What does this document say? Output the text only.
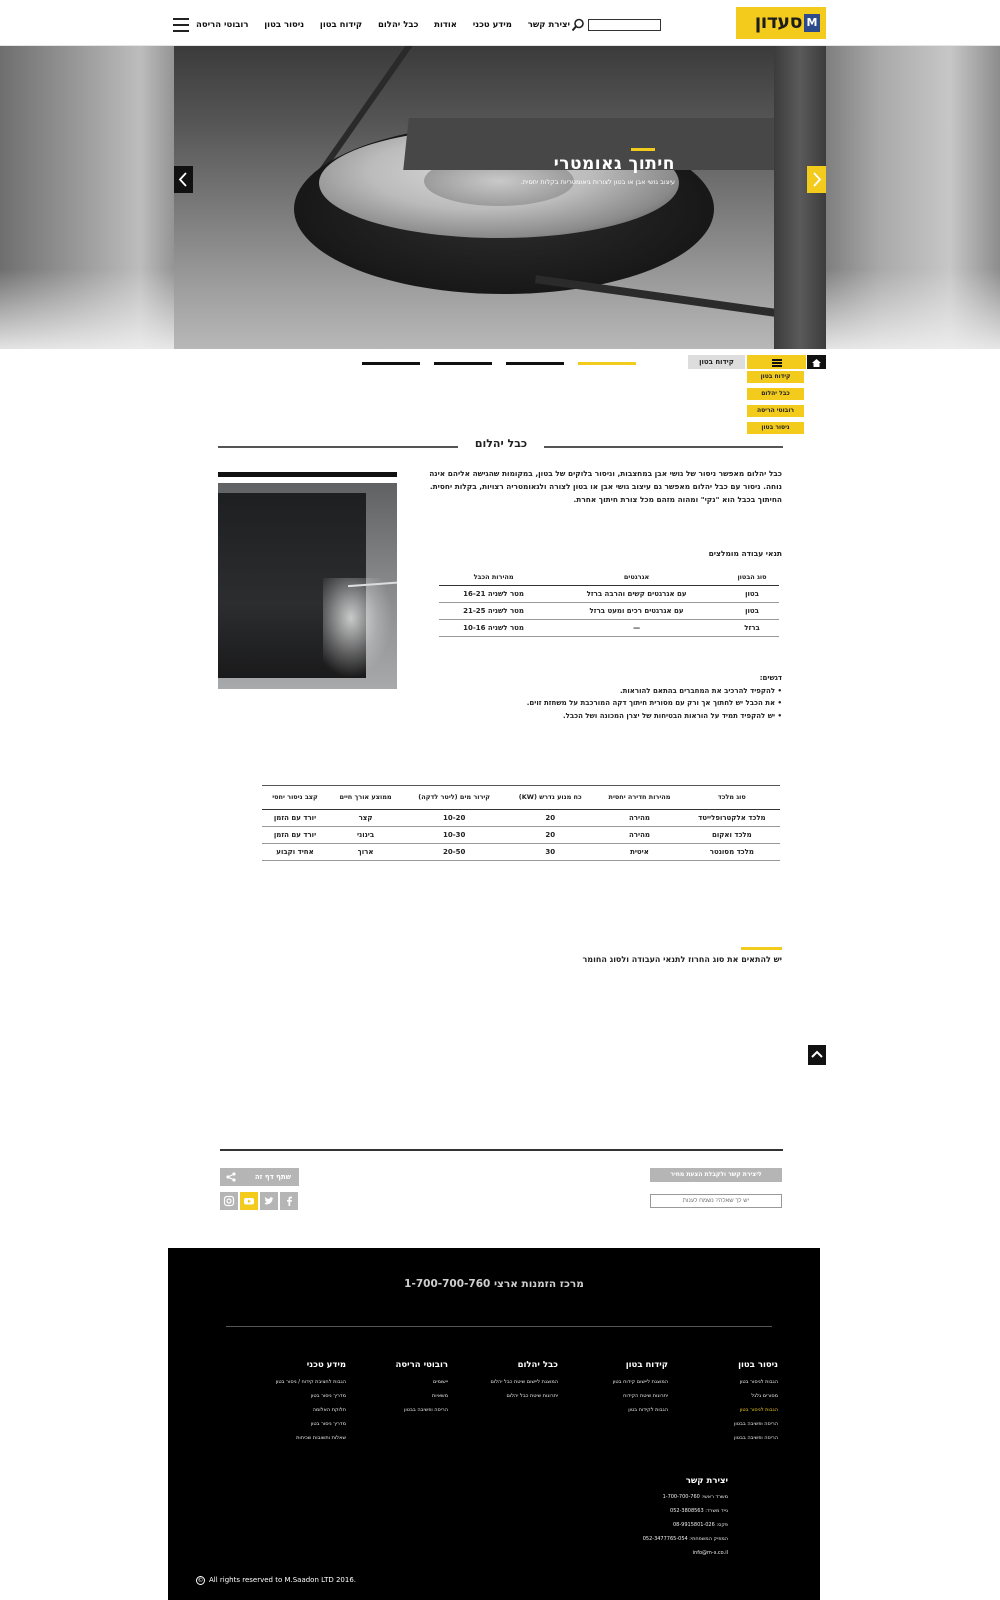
M
סעדון
רובוטי הריסה ניסור בטון קידוח בטון כבל יהלום אודות מידע טכני יצירת קשר
חיתוך גאומטרי
עיצוב גושי אבן או בטון לצורות גיאומטריות בקלות יחסית.
קידוח בטון
קידוח בטון
כבל יהלום
רובוטי הריסה
ניסור בטון
כבל יהלום

כבל יהלום מאפשר ניסור של גושי אבן במחצבות, וניסור בלוקים של בטון, במקומות שהגישה אליהם אינה נוחה. ניסור עם כבל יהלום מאפשר גם עיצוב גושי אבן או בטון לצורה ולגאומטריה רצויות, בקלות יחסית.

החיתוך בכבל הוא "נקי" ומהוה מזהם מכל צורת חיתוך אחרת.

תנאי עבודה מומלצים
סוג הבטון	אגרגטים	מהירות הכבל
בטון	עם אגרגטים קשים והרבה ברזל	מטר לשניה 16-21
בטון	עם אגרגטים רכים ומעט ברזל	מטר לשניה 21-25
ברזל	—	מטר לשניה 10-16
דגשים:
• להקפיד להרכיב את המחברים בהתאם להוראות.
• את הכבל יש לחתוך אך ורק עם מסורית חיתוך דקה המורכבת על משחזת זוים.
• יש להקפיד תמיד על הוראות הבטיחות של יצרן המכונה ושל הכבל.
סוג מלכד	מהירות חדירה יחסית	כח מנוע נדרש (KW)	קירור מים (ליטר לדקה)	ממוצע אורך חיים	קצב ניסור יחסי
מלכד אלקטרופלייטד	מהירה	20	10-20	קצר	יורד עם הזמן
מלכד ואקום	מהירה	20	10-30	בינוני	יורד עם הזמן
מלכד מסונטר	איטית	30	20-50	ארוך	אחיד וקבוע
יש להתאים את סוג החרוז לתנאי העבודה ולסוג החומר
שתף דף זה	ליצירת קשר ולקבלת הצעת מחיר
יש לך שאלה? נשמח לענות
מרכז הזמנות ארצי 1-700-700-760
ניסור בטון
הגבות לניסור בטון
מסורים גלגל
הגבות לניסור בטון
הריסה ופשיבה בבטון
הריסה ופשיבה בבטון
קידוח בטון
המוצגת ליישום קידוח בטון
יתרונות שיטת הקידוח
הגבות לקידוח בטון
כבל יהלום
המוצגת ליישום שיטת כבל יהלום
יתרונות שיטת כבל יהלום
רובוטי הריסה
יישומים
משאיות
הריסה ופשיבה בבטון
מידע טכני
הגבות לחציבת קידוח / ניסור בטון
מדריך ניסור בטון
חלוקת האלומה
מדריך ניסור בטון
שאלות ותשובות שכיחות
יצירת קשר
משרד ראשי: 1-700-700-760
נייד משרד: 052-3808563
פקס: 08-9915801-026
המפיק המשפחתי: 052-3477765-054
info@m-s.co.il
© All rights reserved to M.Saadon LTD 2016.
